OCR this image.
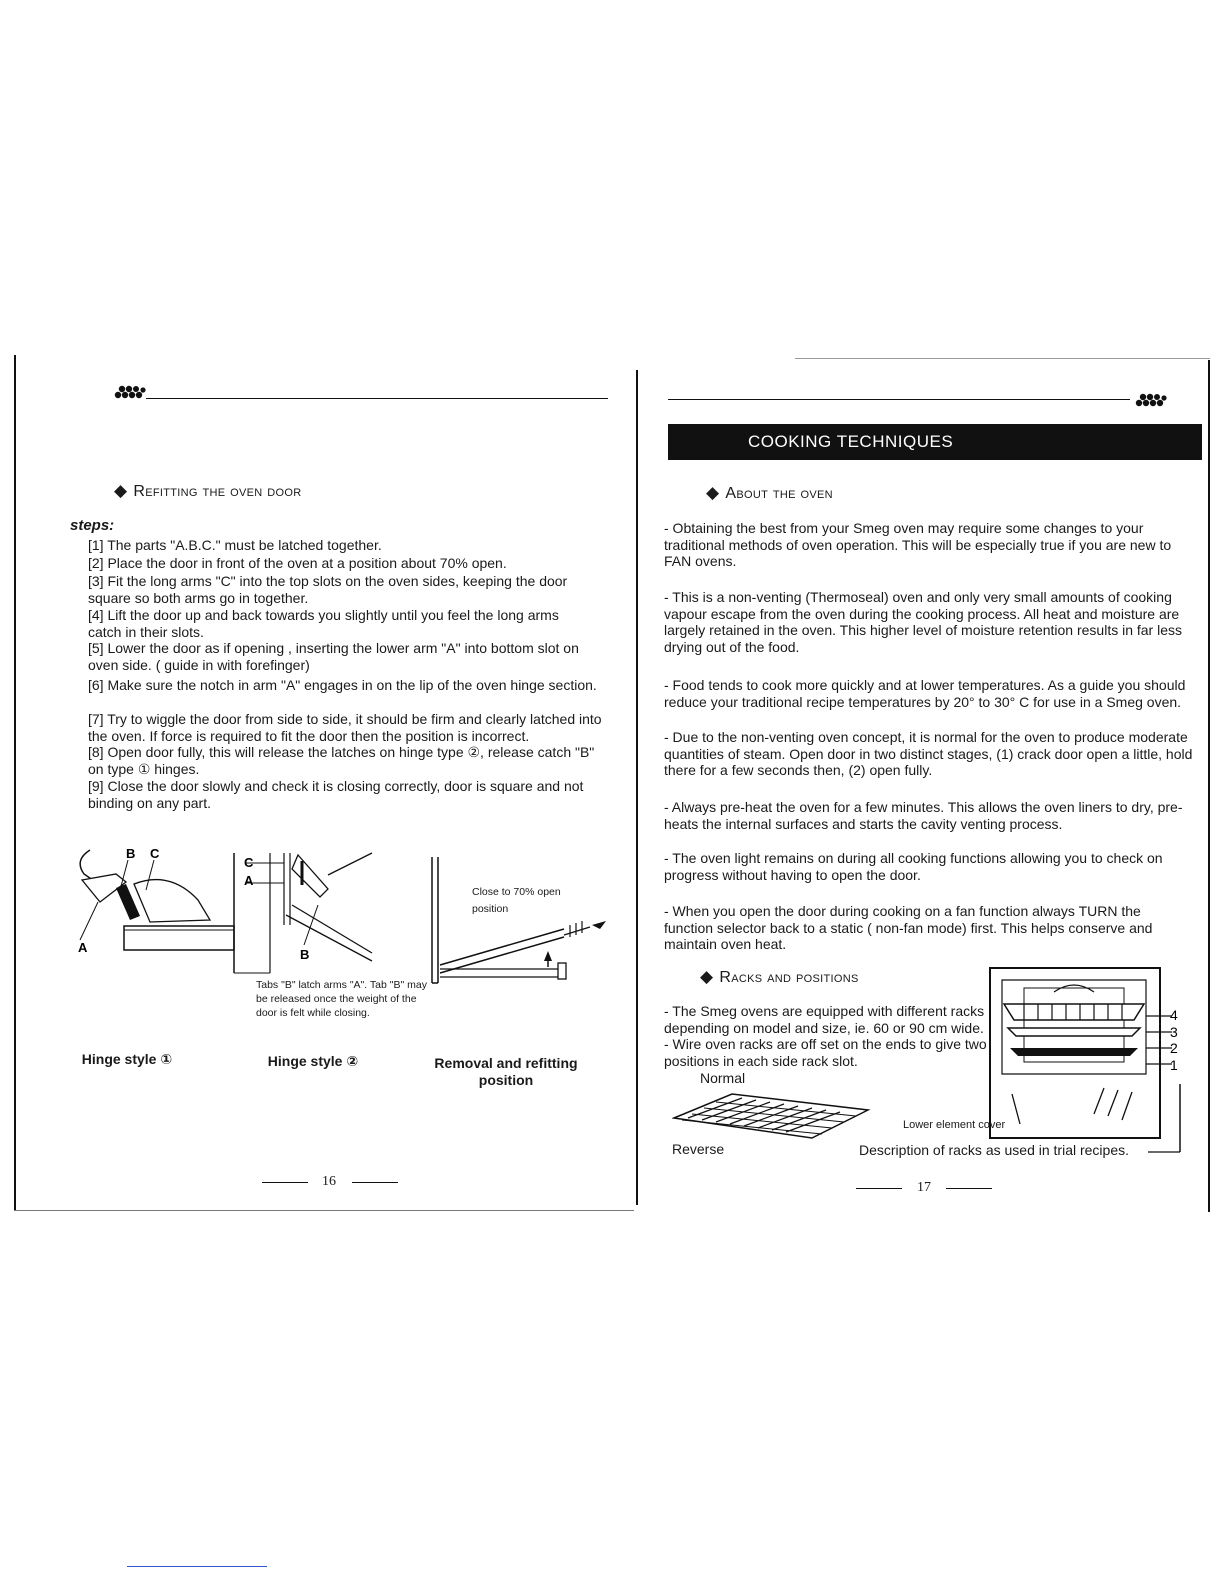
◆ Refitting the oven door
steps:
[1] The parts "A.B.C." must be latched together.
[2] Place the door in front of the oven at a position about 70% open.
[3] Fit the long arms "C" into the top slots on the oven sides, keeping the door square so both arms go in together.
[4] Lift the door up and back towards you slightly until you feel the long arms catch in their slots.
[5] Lower the door as if opening , inserting the lower arm "A" into bottom slot on oven side. ( guide in with forefinger)
[6] Make sure the notch in arm "A" engages in on the lip of the oven hinge section.
[7] Try to wiggle the door from side to side, it should be firm and clearly latched into the oven. If force is required to fit the door then the position is incorrect.
[8] Open door fully, this will release the latches on hinge type ②, release catch "B" on type ① hinges.
[9] Close the door slowly and check it is closing correctly, door is square and not binding on any part.
B C
A
C
A
B
Tabs "B" latch arms "A". Tab "B" may be released once the weight of the door is felt while closing.
Close to 70% open position
Hinge style ①	Hinge style ②	Removal and refitting position
16
COOKING TECHNIQUES
◆ About the oven
- Obtaining the best from your Smeg oven may require some changes to your traditional methods of oven operation. This will be especially true if you are new to FAN ovens.
- This is a non-venting (Thermoseal) oven and only very small amounts of cooking vapour escape from the oven during the cooking process. All heat and moisture are largely retained in the oven. This higher level of moisture retention results in far less drying out of the food.
- Food tends to cook more quickly and at lower temperatures. As a guide you should reduce your traditional recipe temperatures by 20° to 30° C for use in a Smeg oven.
- Due to the non-venting oven concept, it is normal for the oven to produce moderate quantities of steam. Open door in two distinct stages, (1) crack door open a little, hold there for a few seconds then, (2) open fully.
- Always pre-heat the oven for a few minutes. This allows the oven liners to dry, pre-heats the internal surfaces and starts the cavity venting process.
- The oven light remains on during all cooking functions allowing you to check on progress without having to open the door.
- When you open the door during cooking on a fan function always TURN the function selector back to a static ( non-fan mode) first. This helps conserve and maintain oven heat.
◆ Racks and positions
- The Smeg ovens are equipped with different racks depending on model and size, ie. 60 or 90 cm wide.
- Wire oven racks are off set on the ends to give two positions in each side rack slot.
Normal
Reverse
4
3
2
1
Lower element cover
Description of racks as used in trial recipes.
17
